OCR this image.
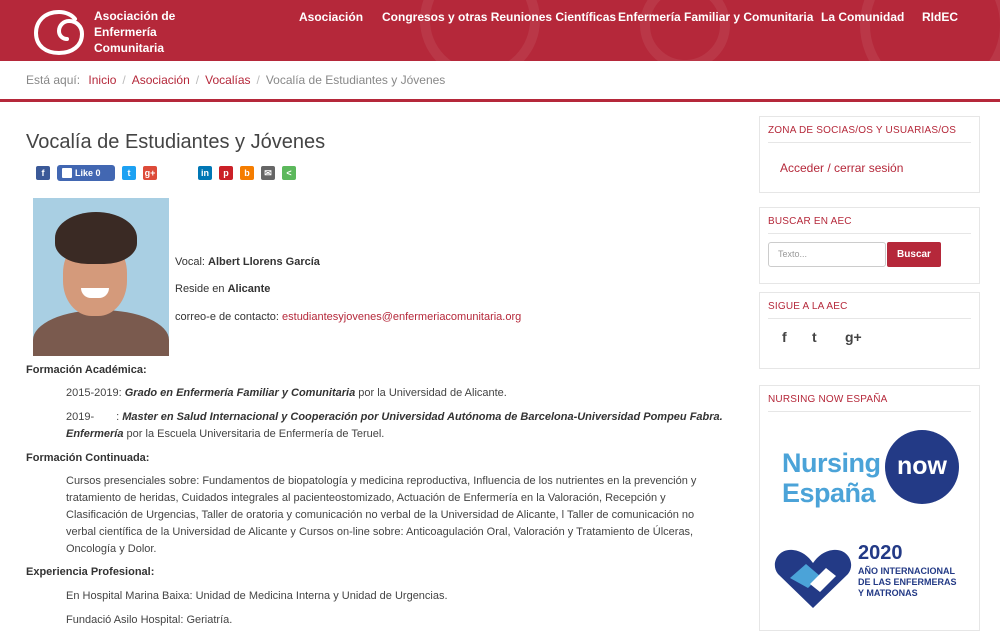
Asociación de
Enfermería
Comunitaria
Asociación Congresos y otras Reuniones Científicas Enfermería Familiar y Comunitaria La Comunidad RIdEC
Está aquí: Inicio / Asociación / Vocalías / Vocalía de Estudiantes y Jóvenes
Vocalía de Estudiantes y Jóvenes
f	Like 0	t	g+	in	p	b	✉	<
Vocal: Albert Llorens García
Reside en Alicante
correo-e de contacto: estudiantesyjovenes@enfermeriacomunitaria.org
Formación Académica:
2015-2019: Grado en Enfermería Familiar y Comunitaria por la Universidad de Alicante.
2019- : Master en Salud Internacional y Cooperación por Universidad Autónoma de Barcelona-Universidad Pompeu Fabra. Enfermería por la Escuela Universitaria de Enfermería de Teruel.
Formación Continuada:
Cursos presenciales sobre: Fundamentos de biopatología y medicina reproductiva, Influencia de los nutrientes en la prevención y tratamiento de heridas, Cuidados integrales al pacienteostomizado, Actuación de Enfermería en la Valoración, Recepción y Clasificación de Urgencias, Taller de oratoria y comunicación no verbal de la Universidad de Alicante, l Taller de comunicación no verbal científica de la Universidad de Alicante y Cursos on-line sobre: Anticoagulación Oral, Valoración y Tratamiento de Úlceras, Oncología y Dolor.
Experiencia Profesional:
En Hospital Marina Baixa: Unidad de Medicina Interna y Unidad de Urgencias.
Fundació Asilo Hospital: Geriatría.
ZONA DE SOCIAS/OS Y USUARIAS/OS
Acceder / cerrar sesión
BUSCAR EN AEC
Texto...	Buscar
SIGUE A LA AEC
f t g+
NURSING NOW ESPAÑA
Nursing
España
now
2020
AÑO INTERNACIONAL
DE LAS ENFERMERAS
Y MATRONAS
